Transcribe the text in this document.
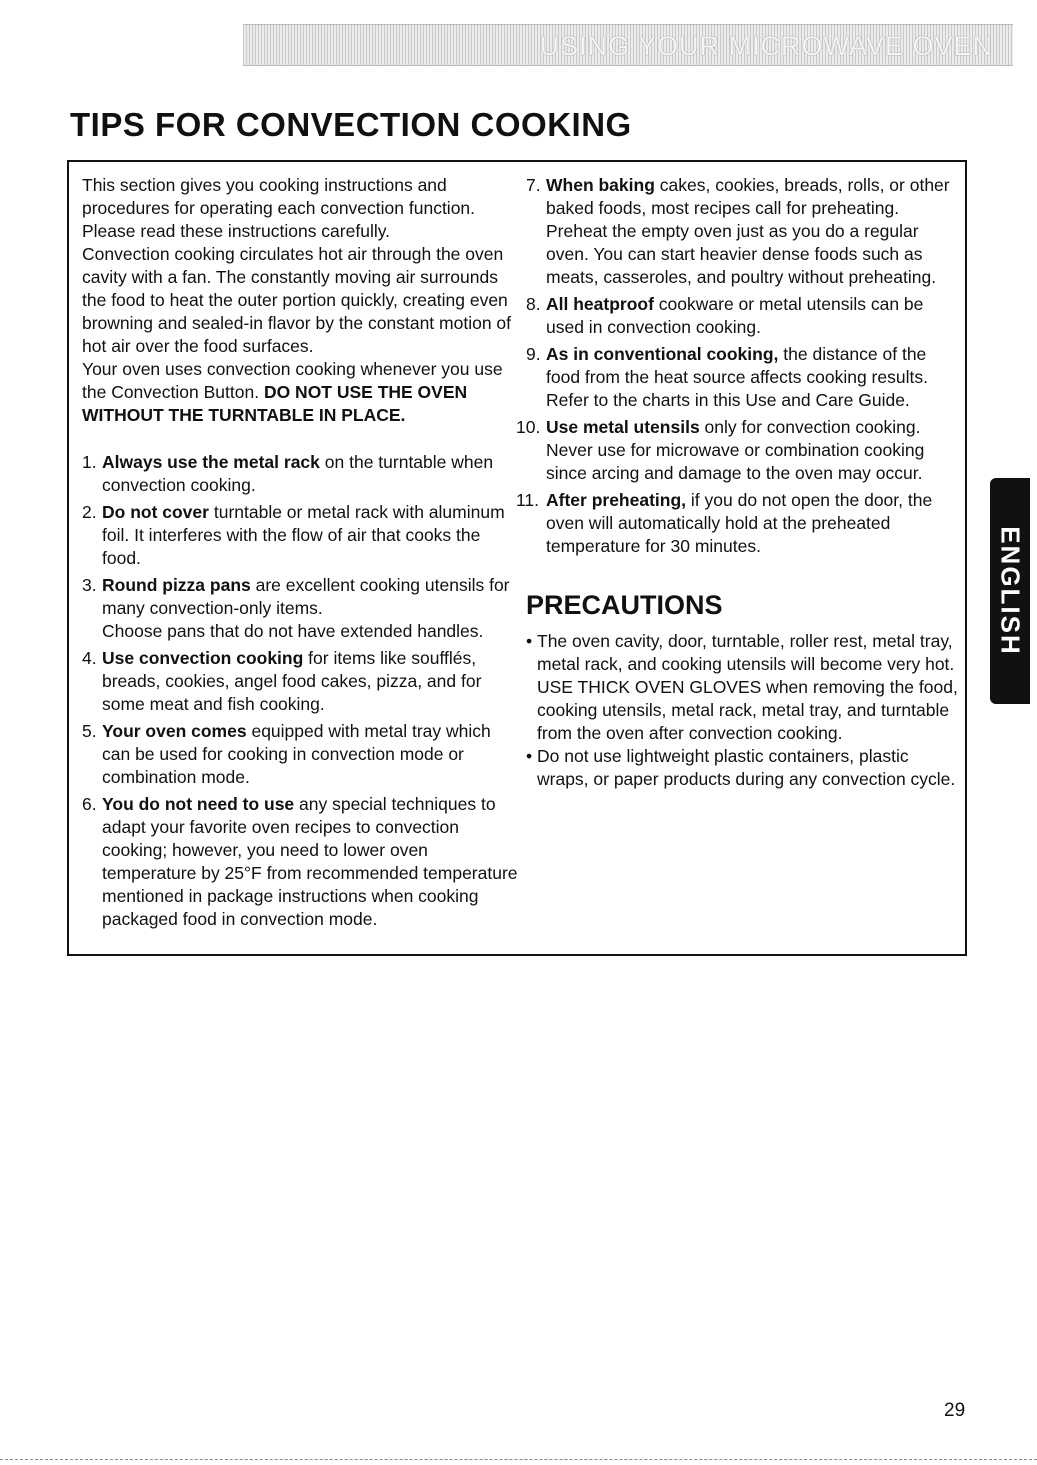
USING YOUR MICROWAVE OVEN
TIPS FOR CONVECTION COOKING

This section gives you cooking instructions and procedures for operating each convection function. Please read these instructions carefully.

Convection cooking circulates hot air through the oven cavity with a fan. The constantly moving air surrounds the food to heat the outer portion quickly, creating even browning and sealed-in flavor by the constant motion of hot air over the food surfaces.

Your oven uses convection cooking whenever you use the Convection Button. DO NOT USE THE OVEN WITHOUT THE TURNTABLE IN PLACE.

1. Always use the metal rack on the turntable when convection cooking.
2. Do not cover turntable or metal rack with aluminum foil. It interferes with the flow of air that cooks the food.
3. Round pizza pans are excellent cooking utensils for many convection-only items.
Choose pans that do not have extended handles.
4. Use convection cooking for items like soufflés, breads, cookies, angel food cakes, pizza, and for some meat and fish cooking.
5. Your oven comes equipped with metal tray which can be used for cooking in convection mode or combination mode.
6. You do not need to use any special techniques to adapt your favorite oven recipes to convection cooking; however, you need to lower oven temperature by 25°F from recommended temperature mentioned in package instructions when cooking packaged food in convection mode.
7. When baking cakes, cookies, breads, rolls, or other baked foods, most recipes call for preheating. Preheat the empty oven just as you do a regular oven. You can start heavier dense foods such as meats, casseroles, and poultry without preheating.
8. All heatproof cookware or metal utensils can be used in convection cooking.
9. As in conventional cooking, the distance of the food from the heat source affects cooking results. Refer to the charts in this Use and Care Guide.
10. Use metal utensils only for convection cooking. Never use for microwave or combination cooking since arcing and damage to the oven may occur.
11. After preheating, if you do not open the door, the oven will automatically hold at the preheated temperature for 30 minutes.
PRECAUTIONS
• The oven cavity, door, turntable, roller rest, metal tray, metal rack, and cooking utensils will become very hot.

USE THICK OVEN GLOVES when removing the food, cooking utensils, metal rack, metal tray, and turntable from the oven after convection cooking.

• Do not use lightweight plastic containers, plastic wraps, or paper products during any convection cycle.

ENGLISH
29
